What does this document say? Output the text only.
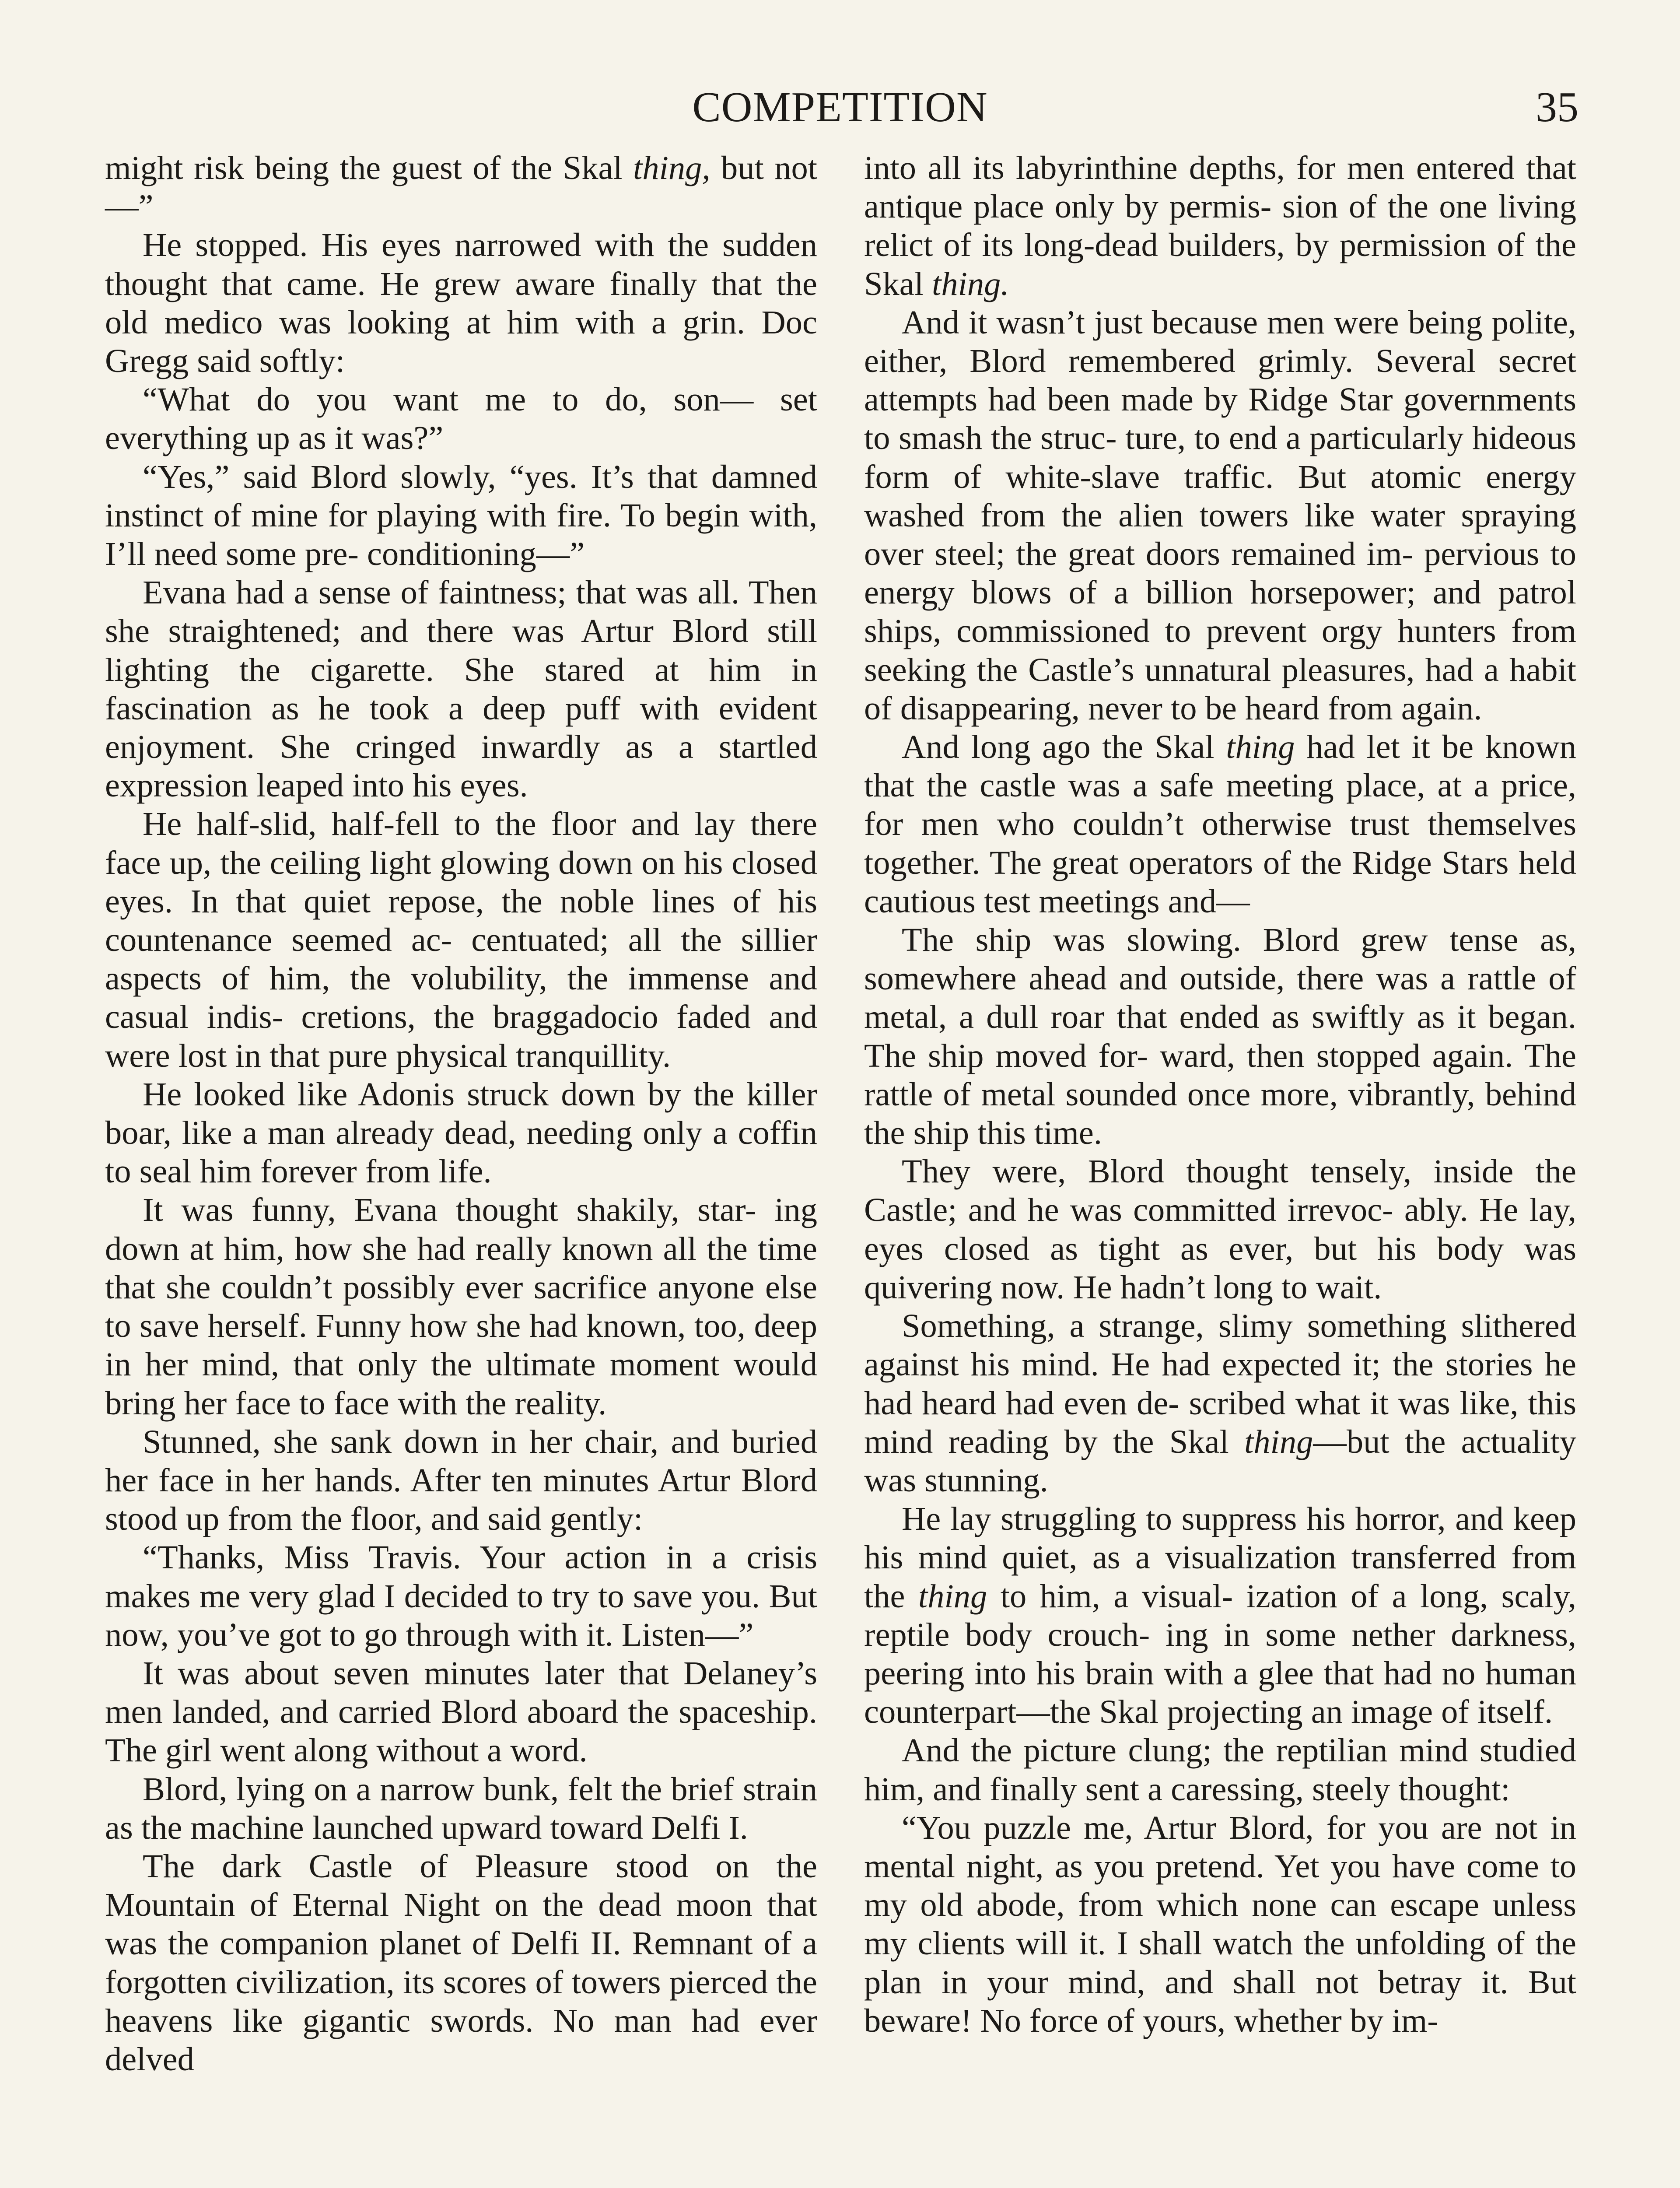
COMPETITION	35

might risk being the guest of the Skal thing, but not—”

He stopped. His eyes narrowed with the sudden thought that came. He grew aware finally that the old medico was looking at him with a grin. Doc Gregg said softly:

“What do you want me to do, son— set everything up as it was?”

“Yes,” said Blord slowly, “yes. It’s that damned instinct of mine for playing with fire. To begin with, I’ll need some pre- conditioning—”

Evana had a sense of faintness; that was all. Then she straightened; and there was Artur Blord still lighting the cigarette. She stared at him in fascination as he took a deep puff with evident enjoyment. She cringed inwardly as a startled expression leaped into his eyes.

He half-slid, half-fell to the floor and lay there face up, the ceiling light glowing down on his closed eyes. In that quiet repose, the noble lines of his countenance seemed ac- centuated; all the sillier aspects of him, the volubility, the immense and casual indis- cretions, the braggadocio faded and were lost in that pure physical tranquillity.

He looked like Adonis struck down by the killer boar, like a man already dead, needing only a coffin to seal him forever from life.

It was funny, Evana thought shakily, star- ing down at him, how she had really known all the time that she couldn’t possibly ever sacrifice anyone else to save herself. Funny how she had known, too, deep in her mind, that only the ultimate moment would bring her face to face with the reality.

Stunned, she sank down in her chair, and buried her face in her hands. After ten minutes Artur Blord stood up from the floor, and said gently:

“Thanks, Miss Travis. Your action in a crisis makes me very glad I decided to try to save you. But now, you’ve got to go through with it. Listen—”

It was about seven minutes later that Delaney’s men landed, and carried Blord aboard the spaceship. The girl went along without a word.

Blord, lying on a narrow bunk, felt the brief strain as the machine launched upward toward Delfi I.

The dark Castle of Pleasure stood on the Mountain of Eternal Night on the dead moon that was the companion planet of Delfi II. Remnant of a forgotten civilization, its scores of towers pierced the heavens like gigantic swords. No man had ever delved

into all its labyrinthine depths, for men entered that antique place only by permis- sion of the one living relict of its long-dead builders, by permission of the Skal thing.

And it wasn’t just because men were being polite, either, Blord remembered grimly. Several secret attempts had been made by Ridge Star governments to smash the struc- ture, to end a particularly hideous form of white-slave traffic. But atomic energy washed from the alien towers like water spraying over steel; the great doors remained im- pervious to energy blows of a billion horsepower; and patrol ships, commissioned to prevent orgy hunters from seeking the Castle’s unnatural pleasures, had a habit of disappearing, never to be heard from again.

And long ago the Skal thing had let it be known that the castle was a safe meeting place, at a price, for men who couldn’t otherwise trust themselves together. The great operators of the Ridge Stars held cautious test meetings and—

The ship was slowing. Blord grew tense as, somewhere ahead and outside, there was a rattle of metal, a dull roar that ended as swiftly as it began. The ship moved for- ward, then stopped again. The rattle of metal sounded once more, vibrantly, behind the ship this time.

They were, Blord thought tensely, inside the Castle; and he was committed irrevoc- ably. He lay, eyes closed as tight as ever, but his body was quivering now. He hadn’t long to wait.

Something, a strange, slimy something slithered against his mind. He had expected it; the stories he had heard had even de- scribed what it was like, this mind reading by the Skal thing—but the actuality was stunning.

He lay struggling to suppress his horror, and keep his mind quiet, as a visualization transferred from the thing to him, a visual- ization of a long, scaly, reptile body crouch- ing in some nether darkness, peering into his brain with a glee that had no human counterpart—the Skal projecting an image of itself.

And the picture clung; the reptilian mind studied him, and finally sent a caressing, steely thought:

“You puzzle me, Artur Blord, for you are not in mental night, as you pretend. Yet you have come to my old abode, from which none can escape unless my clients will it. I shall watch the unfolding of the plan in your mind, and shall not betray it. But beware! No force of yours, whether by im-
